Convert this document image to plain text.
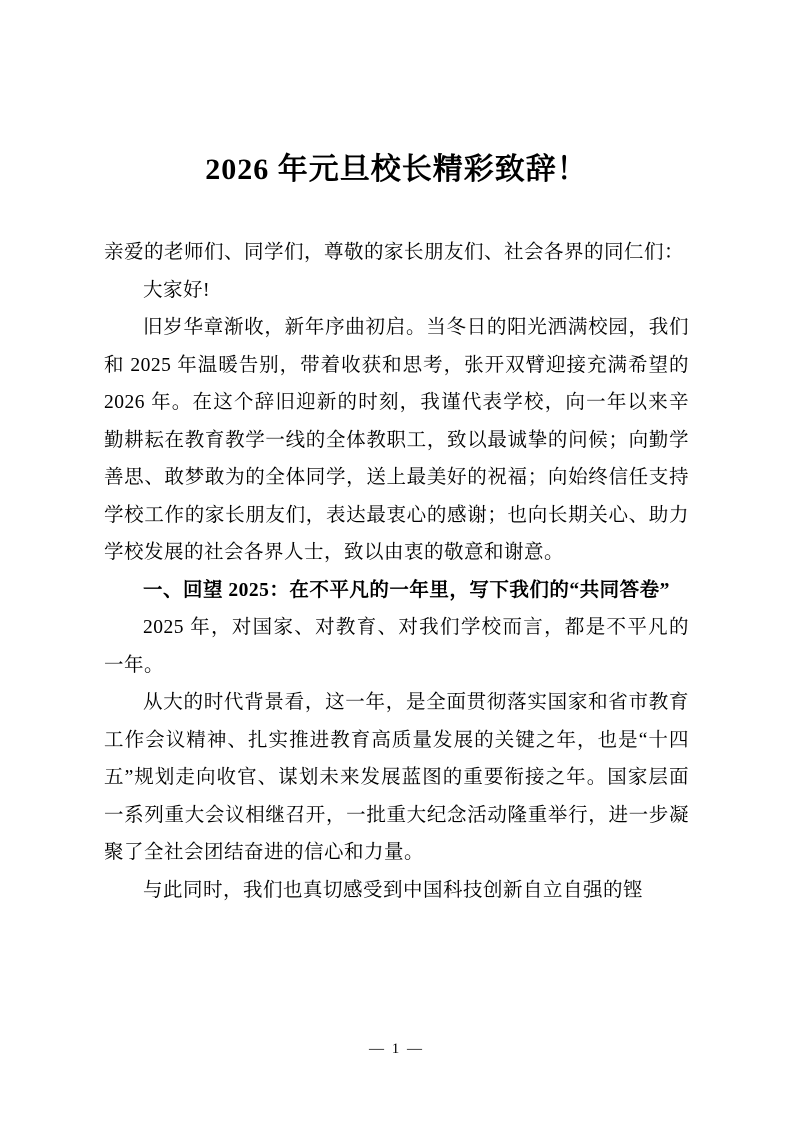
2026 年元旦校长精彩致辞！

亲爱的老师们、同学们，尊敬的家长朋友们、社会各界的同仁们：

大家好!

旧岁华章渐收，新年序曲初启。当冬日的阳光洒满校园，我们和 2025 年温暖告别，带着收获和思考，张开双臂迎接充满希望的 2026 年。在这个辞旧迎新的时刻，我谨代表学校，向一年以来辛勤耕耘在教育教学一线的全体教职工，致以最诚挚的问候；向勤学善思、敢梦敢为的全体同学，送上最美好的祝福；向始终信任支持学校工作的家长朋友们，表达最衷心的感谢；也向长期关心、助力学校发展的社会各界人士，致以由衷的敬意和谢意。

一、回望 2025：在不平凡的一年里，写下我们的“共同答卷”

2025 年，对国家、对教育、对我们学校而言，都是不平凡的一年。

从大的时代背景看，这一年，是全面贯彻落实国家和省市教育工作会议精神、扎实推进教育高质量发展的关键之年，也是“十四五”规划走向收官、谋划未来发展蓝图的重要衔接之年。国家层面一系列重大会议相继召开，一批重大纪念活动隆重举行，进一步凝聚了全社会团结奋进的信心和力量。

与此同时，我们也真切感受到中国科技创新自立自强的铿

— 1 —
